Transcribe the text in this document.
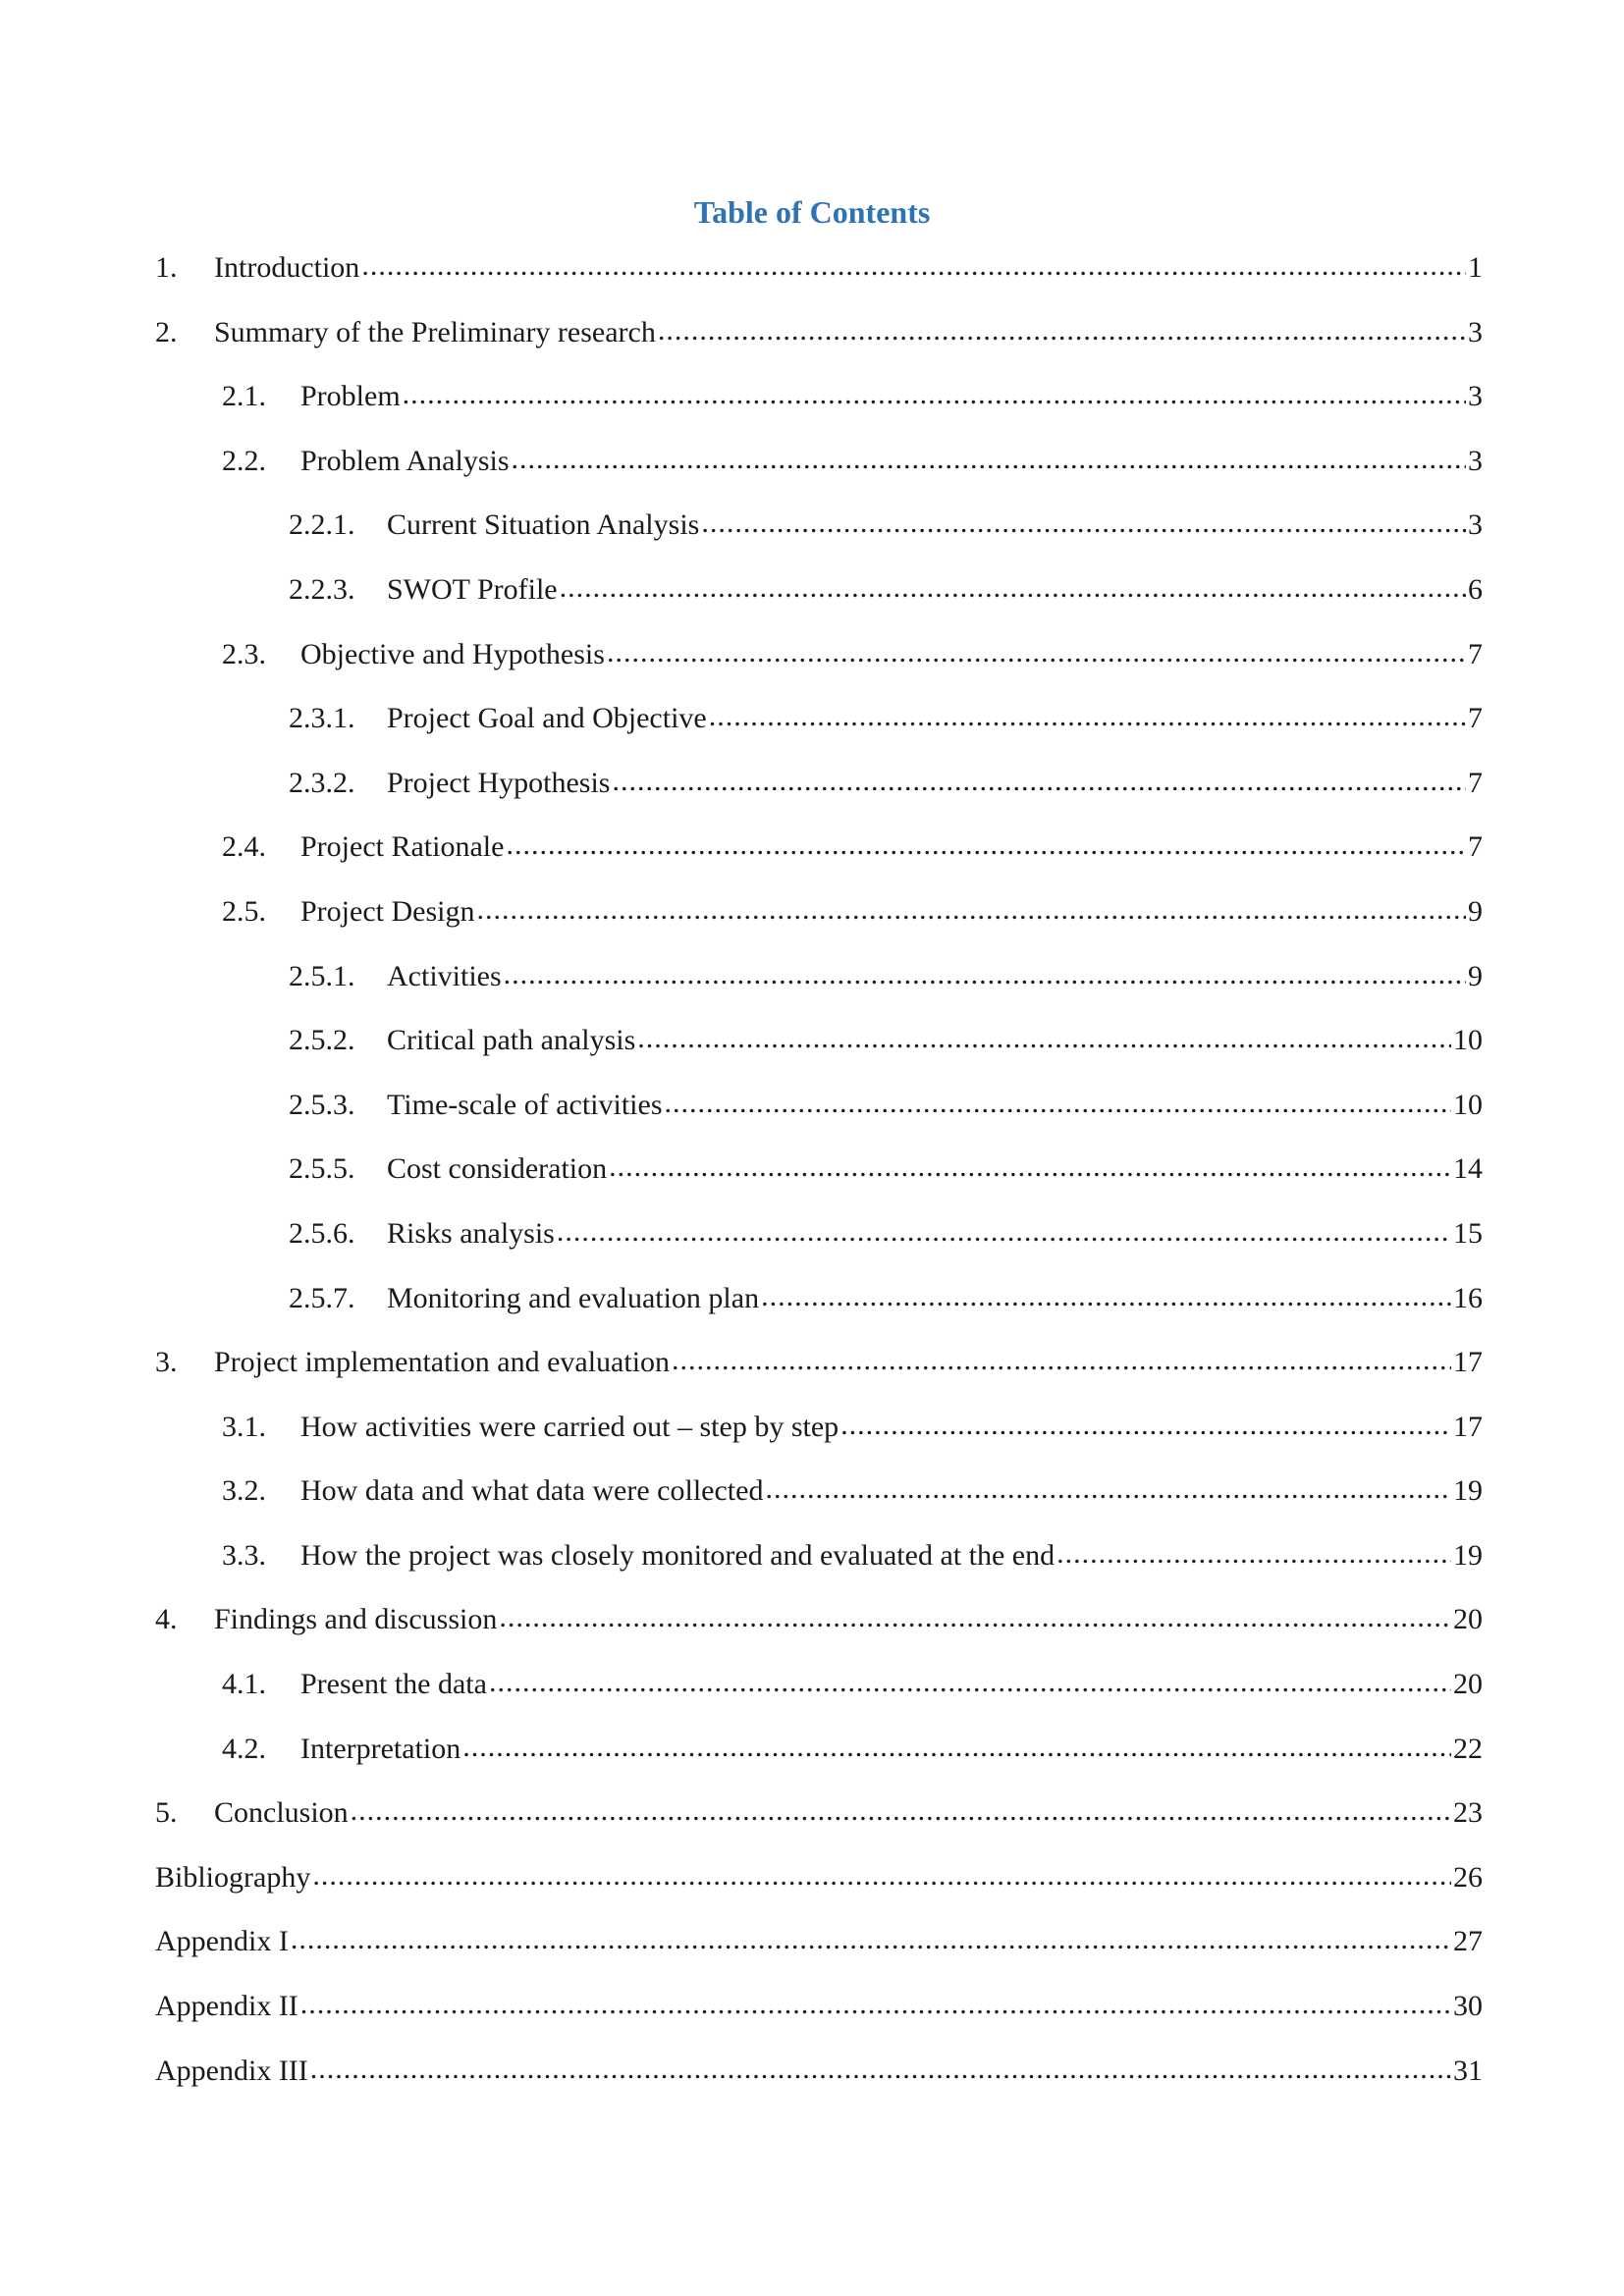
Table of Contents
1.	Introduction .....	1
2.	Summary of the Preliminary research .....	3
2.1.	Problem .....	3
2.2.	Problem Analysis .....	3
2.2.1.	Current Situation Analysis .....	3
2.2.3.	SWOT Profile .....	6
2.3.	Objective and Hypothesis .....	7
2.3.1.	Project Goal and Objective .....	7
2.3.2.	Project Hypothesis .....	7
2.4.	Project Rationale .....	7
2.5.	Project Design .....	9
2.5.1.	Activities .....	9
2.5.2.	Critical path analysis .....	10
2.5.3.	Time-scale of activities .....	10
2.5.5.	Cost consideration .....	14
2.5.6.	Risks analysis .....	15
2.5.7.	Monitoring and evaluation plan .....	16
3.	Project implementation and evaluation .....	17
3.1.	How activities were carried out – step by step .....	17
3.2.	How data and what data were collected .....	19
3.3.	How the project was closely monitored and evaluated at the end .....	19
4.	Findings and discussion .....	20
4.1.	Present the data .....	20
4.2.	Interpretation .....	22
5.	Conclusion .....	23
Bibliography .....	26
Appendix I .....	27
Appendix II .....	30
Appendix III .....	31
